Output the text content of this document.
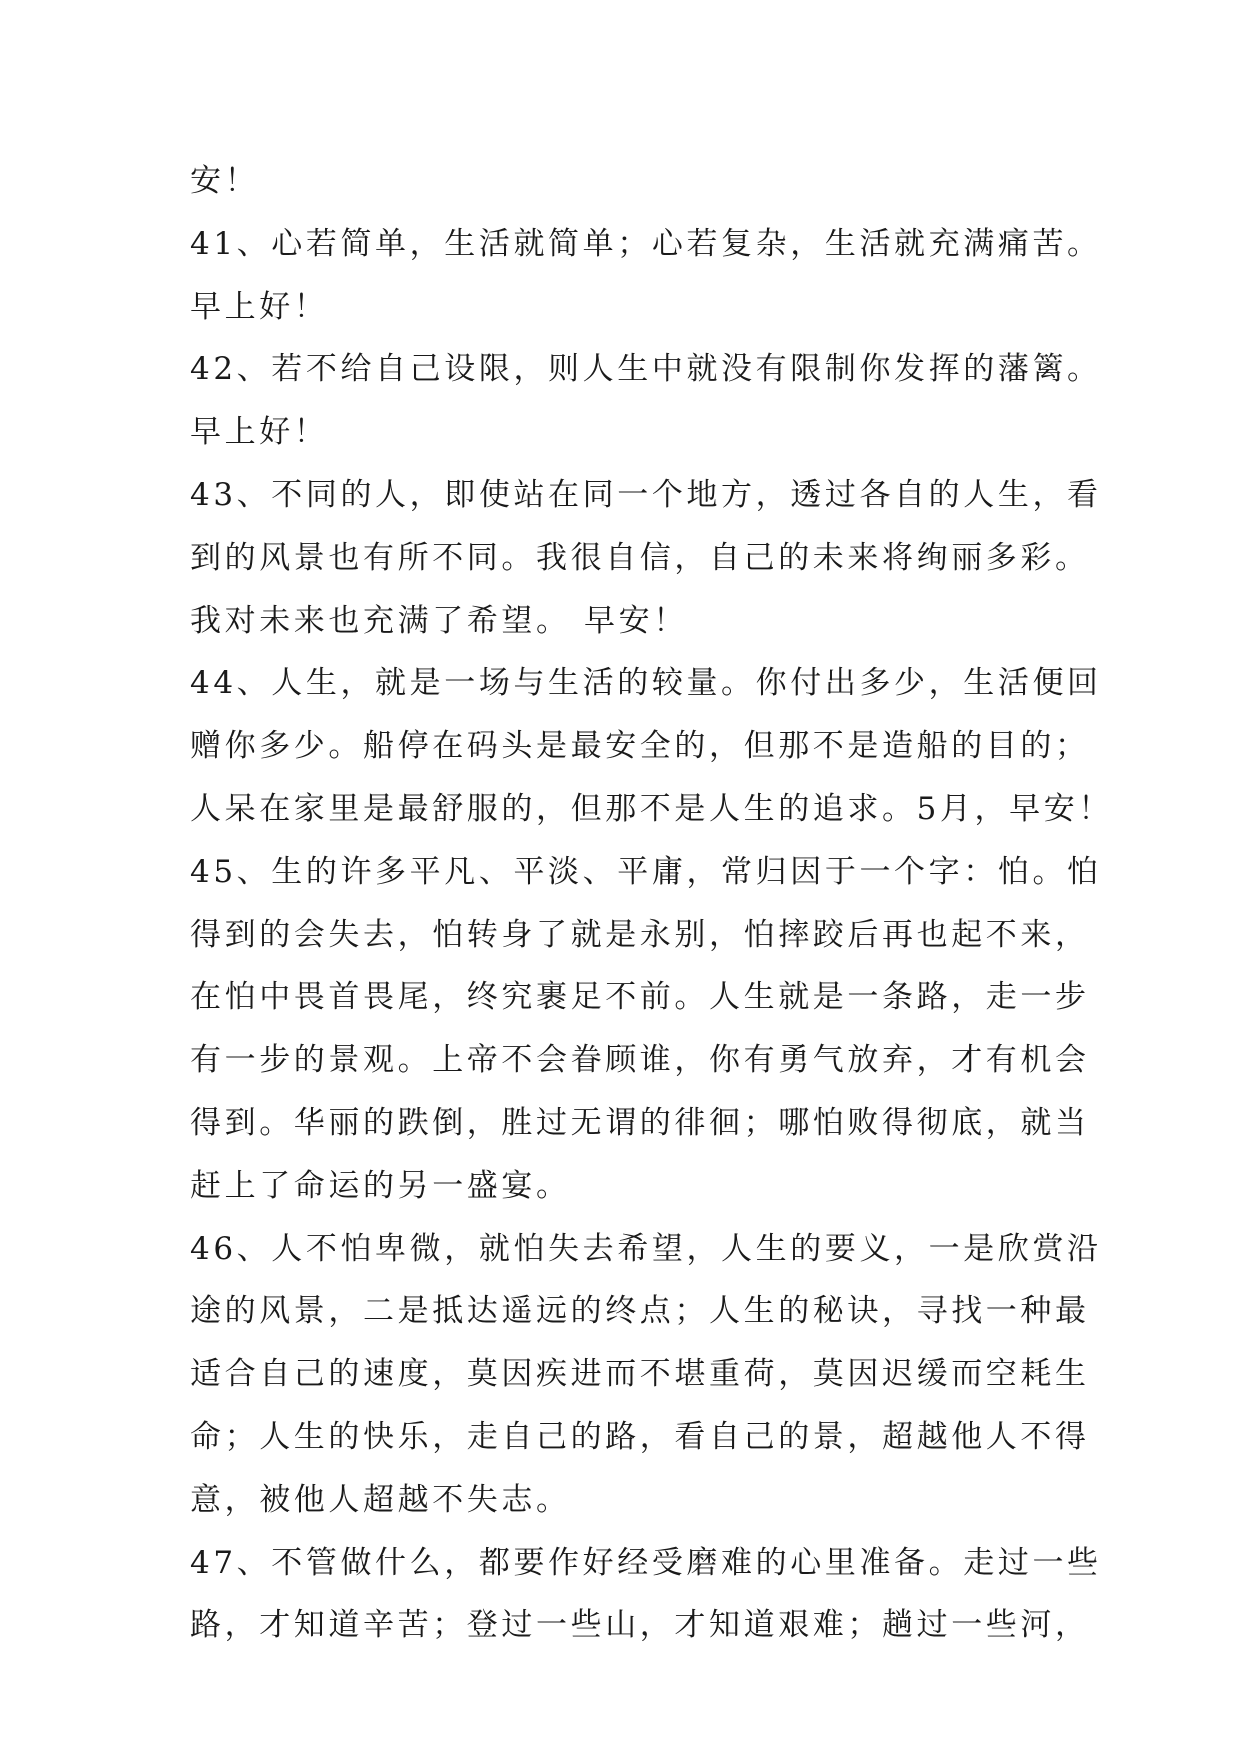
安！
41、心若简单，生活就简单；心若复杂，生活就充满痛苦。
早上好！
42、若不给自己设限，则人生中就没有限制你发挥的藩篱。
早上好！
43、不同的人，即使站在同一个地方，透过各自的人生，看
到的风景也有所不同。我很自信，自己的未来将绚丽多彩。
我对未来也充满了希望。 早安！
44、人生，就是一场与生活的较量。你付出多少，生活便回
赠你多少。船停在码头是最安全的，但那不是造船的目的；
人呆在家里是最舒服的，但那不是人生的追求。5月，早安！
45、生的许多平凡、平淡、平庸，常归因于一个字：怕。怕
得到的会失去，怕转身了就是永别，怕摔跤后再也起不来，
在怕中畏首畏尾，终究裹足不前。人生就是一条路，走一步
有一步的景观。上帝不会眷顾谁，你有勇气放弃，才有机会
得到。华丽的跌倒，胜过无谓的徘徊；哪怕败得彻底，就当
赶上了命运的另一盛宴。
46、人不怕卑微，就怕失去希望，人生的要义，一是欣赏沿
途的风景，二是抵达遥远的终点；人生的秘诀，寻找一种最
适合自己的速度，莫因疾进而不堪重荷，莫因迟缓而空耗生
命；人生的快乐，走自己的路，看自己的景，超越他人不得
意，被他人超越不失志。
47、不管做什么，都要作好经受磨难的心里准备。走过一些
路，才知道辛苦；登过一些山，才知道艰难；趟过一些河，
